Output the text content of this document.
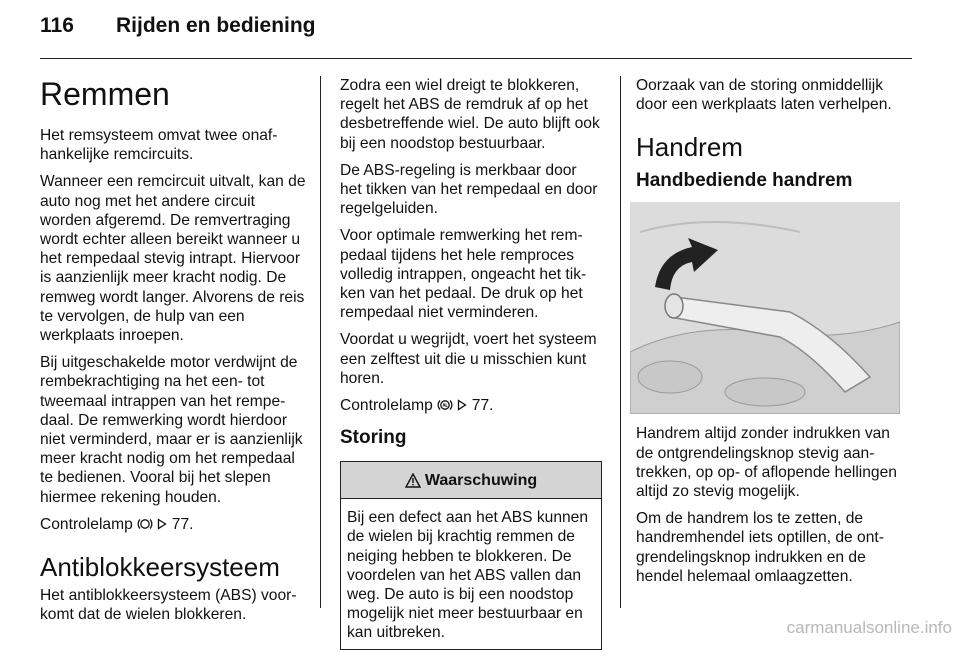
116 Rijden en bediening
Remmen

Het remsysteem omvat twee onaf-hankelijke remcircuits.

Wanneer een remcircuit uitvalt, kan de auto nog met het andere circuit worden afgeremd. De remvertraging wordt echter alleen bereikt wanneer u het rempedaal stevig intrapt. Hiervoor is aanzienlijk meer kracht nodig. De remweg wordt langer. Alvorens de reis te vervolgen, de hulp van een werkplaats inroepen.

Bij uitgeschakelde motor verdwijnt de rembekrachtiging na het een- tot tweemaal intrappen van het rempe-daal. De remwerking wordt hierdoor niet verminderd, maar er is aanzienlijk meer kracht nodig om het rempedaal te bedienen. Vooral bij het slepen hiermee rekening houden.

Controlelamp	77.

Antiblokkeersysteem

Het antiblokkeersysteem (ABS) voor-komt dat de wielen blokkeren.

Zodra een wiel dreigt te blokkeren, regelt het ABS de remdruk af op het desbetreffende wiel. De auto blijft ook bij een noodstop bestuurbaar.

De ABS-regeling is merkbaar door het tikken van het rempedaal en door regelgeluiden.

Voor optimale remwerking het rem-pedaal tijdens het hele remproces volledig intrappen, ongeacht het tik-ken van het pedaal. De druk op het rempedaal niet verminderen.

Voordat u wegrijdt, voert het systeem een zelftest uit die u misschien kunt horen.

Controlelamp	77.

Storing
Waarschuwing
Bij een defect aan het ABS kunnen de wielen bij krachtig remmen de neiging hebben te blokkeren. De voordelen van het ABS vallen dan weg. De auto is bij een noodstop mogelijk niet meer bestuurbaar en kan uitbreken.

Oorzaak van de storing onmiddellijk door een werkplaats laten verhelpen.

Handrem
Handbediende handrem

Handrem altijd zonder indrukken van de ontgrendelingsknop stevig aan-trekken, op op- of aflopende hellingen altijd zo stevig mogelijk.

Om de handrem los te zetten, de handremhendel iets optillen, de ont-grendelingsknop indrukken en de hendel helemaal omlaagzetten.

carmanualsonline.info
